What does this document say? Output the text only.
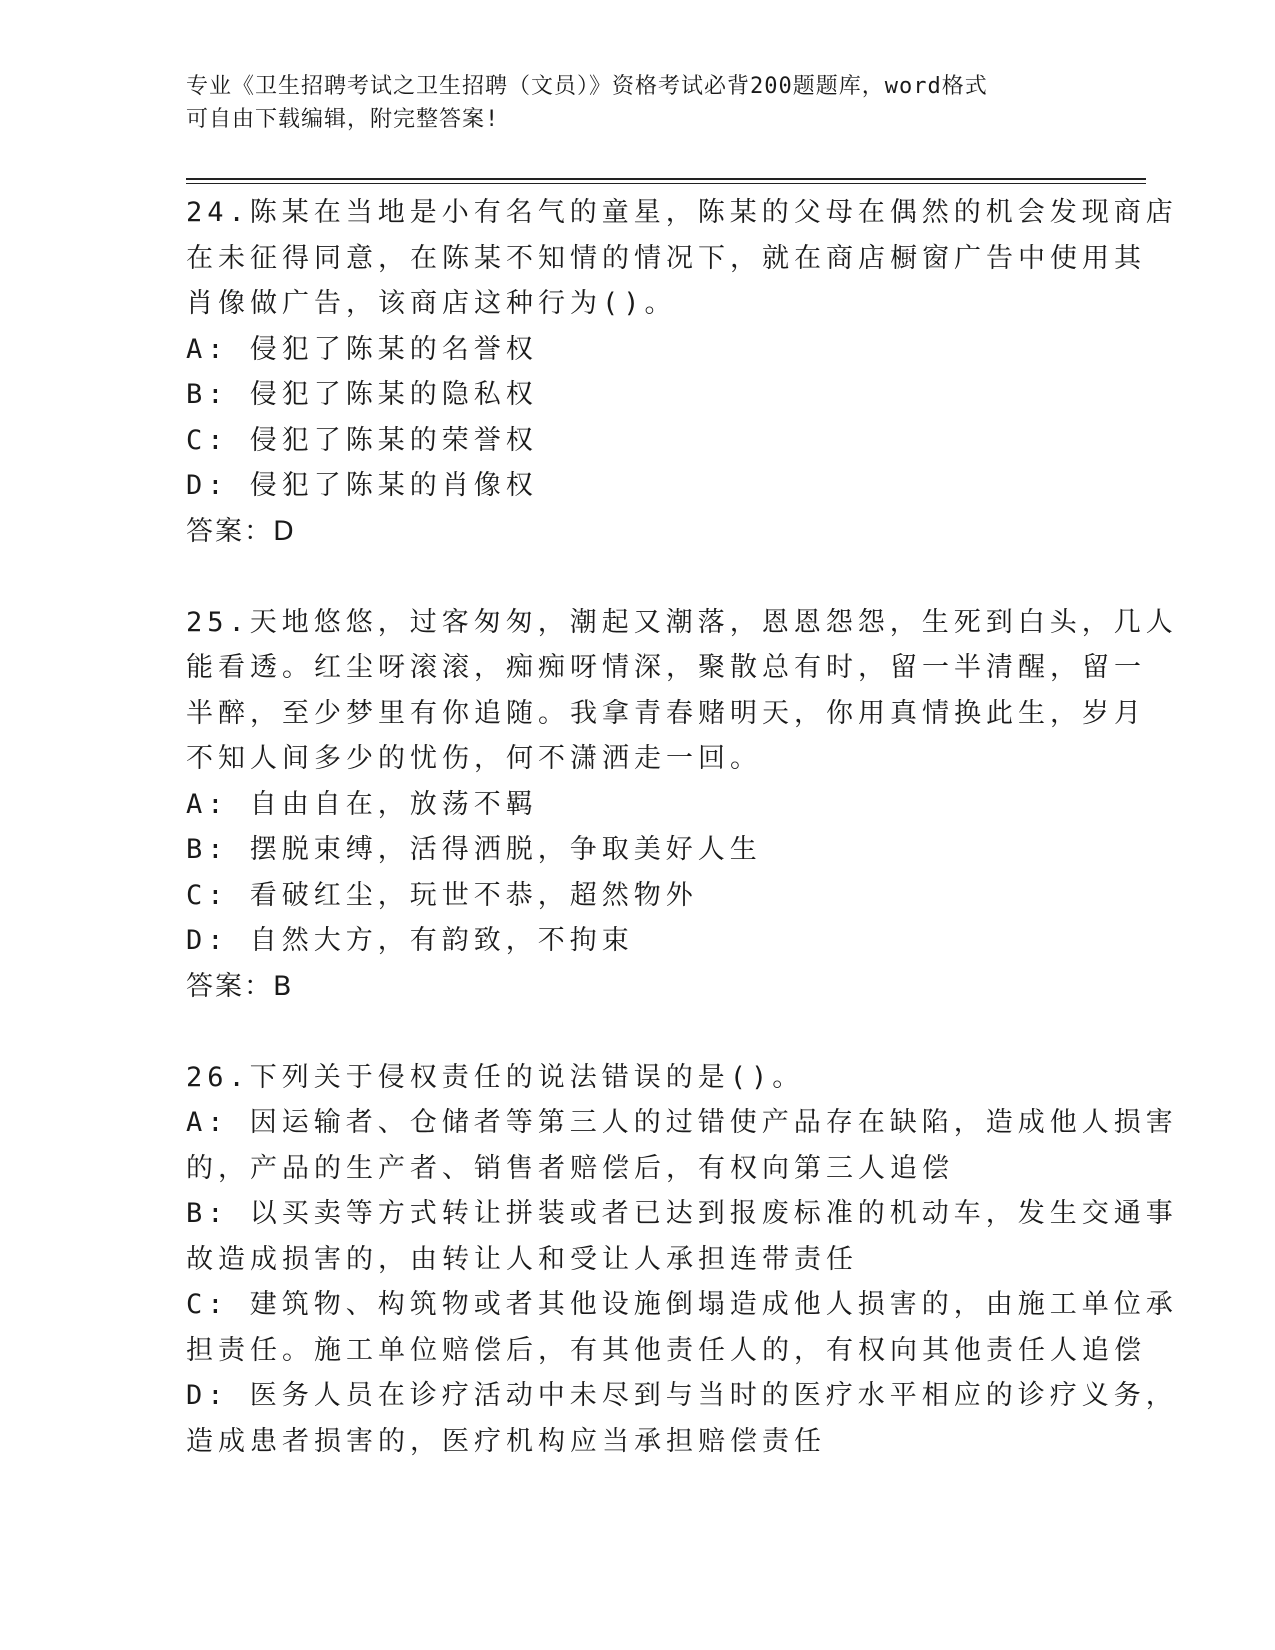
专业《卫生招聘考试之卫生招聘（文员）》资格考试必背200题题库，word格式
可自由下载编辑，附完整答案!
24.陈某在当地是小有名气的童星，陈某的父母在偶然的机会发现商店
在未征得同意，在陈某不知情的情况下，就在商店橱窗广告中使用其
肖像做广告，该商店这种行为()。
A: 侵犯了陈某的名誉权
B: 侵犯了陈某的隐私权
C: 侵犯了陈某的荣誉权
D: 侵犯了陈某的肖像权
答案：D
25.天地悠悠，过客匆匆，潮起又潮落，恩恩怨怨，生死到白头，几人
能看透。红尘呀滚滚，痴痴呀情深，聚散总有时，留一半清醒，留一
半醉，至少梦里有你追随。我拿青春赌明天，你用真情换此生，岁月
不知人间多少的忧伤，何不潇洒走一回。
A: 自由自在，放荡不羁
B: 摆脱束缚，活得洒脱，争取美好人生
C: 看破红尘，玩世不恭，超然物外
D: 自然大方，有韵致，不拘束
答案：B
26.下列关于侵权责任的说法错误的是()。
A: 因运输者、仓储者等第三人的过错使产品存在缺陷，造成他人损害
的，产品的生产者、销售者赔偿后，有权向第三人追偿
B: 以买卖等方式转让拼装或者已达到报废标准的机动车，发生交通事
故造成损害的，由转让人和受让人承担连带责任
C: 建筑物、构筑物或者其他设施倒塌造成他人损害的，由施工单位承
担责任。施工单位赔偿后，有其他责任人的，有权向其他责任人追偿
D: 医务人员在诊疗活动中未尽到与当时的医疗水平相应的诊疗义务，
造成患者损害的，医疗机构应当承担赔偿责任
